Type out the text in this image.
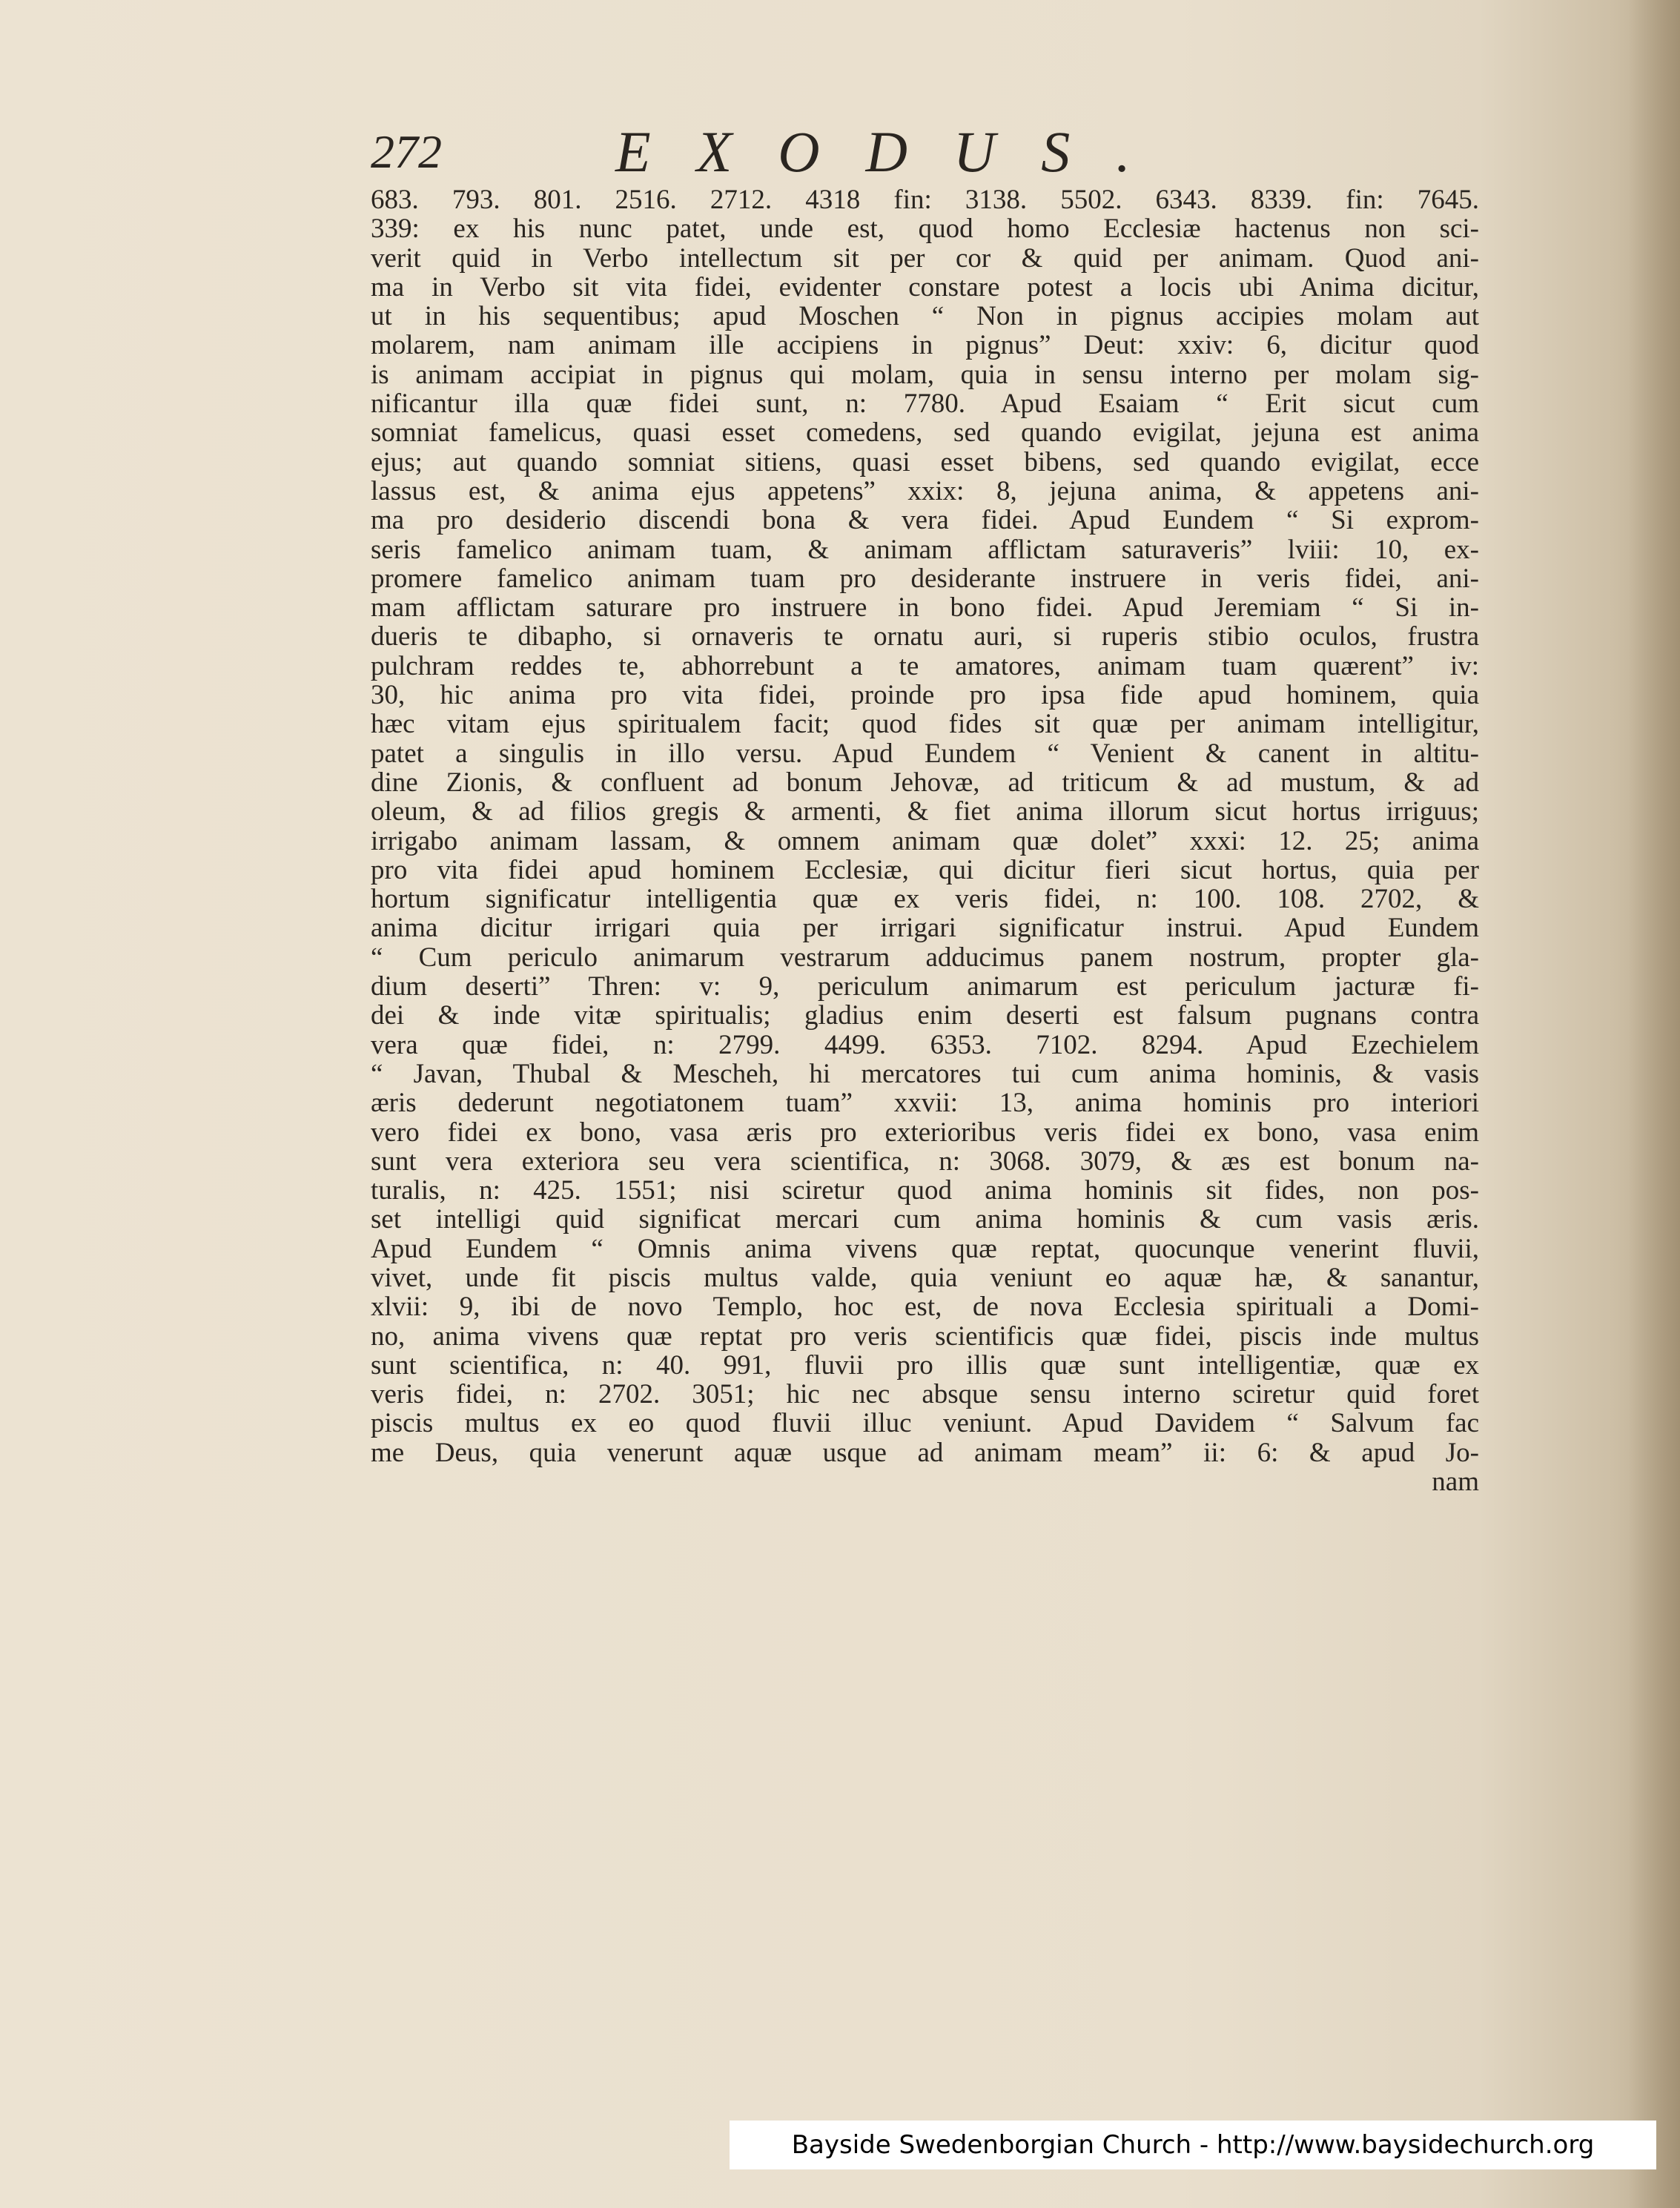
272	EXODUS.
683. 793. 801. 2516. 2712. 4318 fin: 3138. 5502. 6343. 8339. fin: 7645.
339: ex his nunc patet, unde est, quod homo Ecclesiæ hactenus non sci-
verit quid in Verbo intellectum sit per cor & quid per animam. Quod ani-
ma in Verbo sit vita fidei, evidenter constare potest a locis ubi Anima dicitur,
ut in his sequentibus; apud Moschen “ Non in pignus accipies molam aut
molarem, nam animam ille accipiens in pignus” Deut: xxiv: 6, dicitur quod
is animam accipiat in pignus qui molam, quia in sensu interno per molam sig-
nificantur illa quæ fidei sunt, n: 7780. Apud Esaiam “ Erit sicut cum
somniat famelicus, quasi esset comedens, sed quando evigilat, jejuna est anima
ejus; aut quando somniat sitiens, quasi esset bibens, sed quando evigilat, ecce
lassus est, & anima ejus appetens” xxix: 8, jejuna anima, & appetens ani-
ma pro desiderio discendi bona & vera fidei. Apud Eundem “ Si exprom-
seris famelico animam tuam, & animam afflictam saturaveris” lviii: 10, ex-
promere famelico animam tuam pro desiderante instruere in veris fidei, ani-
mam afflictam saturare pro instruere in bono fidei. Apud Jeremiam “ Si in-
dueris te dibapho, si ornaveris te ornatu auri, si ruperis stibio oculos, frustra
pulchram reddes te, abhorrebunt a te amatores, animam tuam quærent” iv:
30, hic anima pro vita fidei, proinde pro ipsa fide apud hominem, quia
hæc vitam ejus spiritualem facit; quod fides sit quæ per animam intelligitur,
patet a singulis in illo versu. Apud Eundem “ Venient & canent in altitu-
dine Zionis, & confluent ad bonum Jehovæ, ad triticum & ad mustum, & ad
oleum, & ad filios gregis & armenti, & fiet anima illorum sicut hortus irriguus;
irrigabo animam lassam, & omnem animam quæ dolet” xxxi: 12. 25; anima
pro vita fidei apud hominem Ecclesiæ, qui dicitur fieri sicut hortus, quia per
hortum significatur intelligentia quæ ex veris fidei, n: 100. 108. 2702, &
anima dicitur irrigari quia per irrigari significatur instrui. Apud Eundem
“ Cum periculo animarum vestrarum adducimus panem nostrum, propter gla-
dium deserti” Thren: v: 9, periculum animarum est periculum jacturæ fi-
dei & inde vitæ spiritualis; gladius enim deserti est falsum pugnans contra
vera quæ fidei, n: 2799. 4499. 6353. 7102. 8294. Apud Ezechielem
“ Javan, Thubal & Mescheh, hi mercatores tui cum anima hominis, & vasis
æris dederunt negotiatonem tuam” xxvii: 13, anima hominis pro interiori
vero fidei ex bono, vasa æris pro exterioribus veris fidei ex bono, vasa enim
sunt vera exteriora seu vera scientifica, n: 3068. 3079, & æs est bonum na-
turalis, n: 425. 1551; nisi sciretur quod anima hominis sit fides, non pos-
set intelligi quid significat mercari cum anima hominis & cum vasis æris.
Apud Eundem “ Omnis anima vivens quæ reptat, quocunque venerint fluvii,
vivet, unde fit piscis multus valde, quia veniunt eo aquæ hæ, & sanantur,
xlvii: 9, ibi de novo Templo, hoc est, de nova Ecclesia spirituali a Domi-
no, anima vivens quæ reptat pro veris scientificis quæ fidei, piscis inde multus
sunt scientifica, n: 40. 991, fluvii pro illis quæ sunt intelligentiæ, quæ ex
veris fidei, n: 2702. 3051; hic nec absque sensu interno sciretur quid foret
piscis multus ex eo quod fluvii illuc veniunt. Apud Davidem “ Salvum fac
me Deus, quia venerunt aquæ usque ad animam meam” ii: 6: & apud Jo-
nam
Bayside Swedenborgian Church - http://www.baysidechurch.org
